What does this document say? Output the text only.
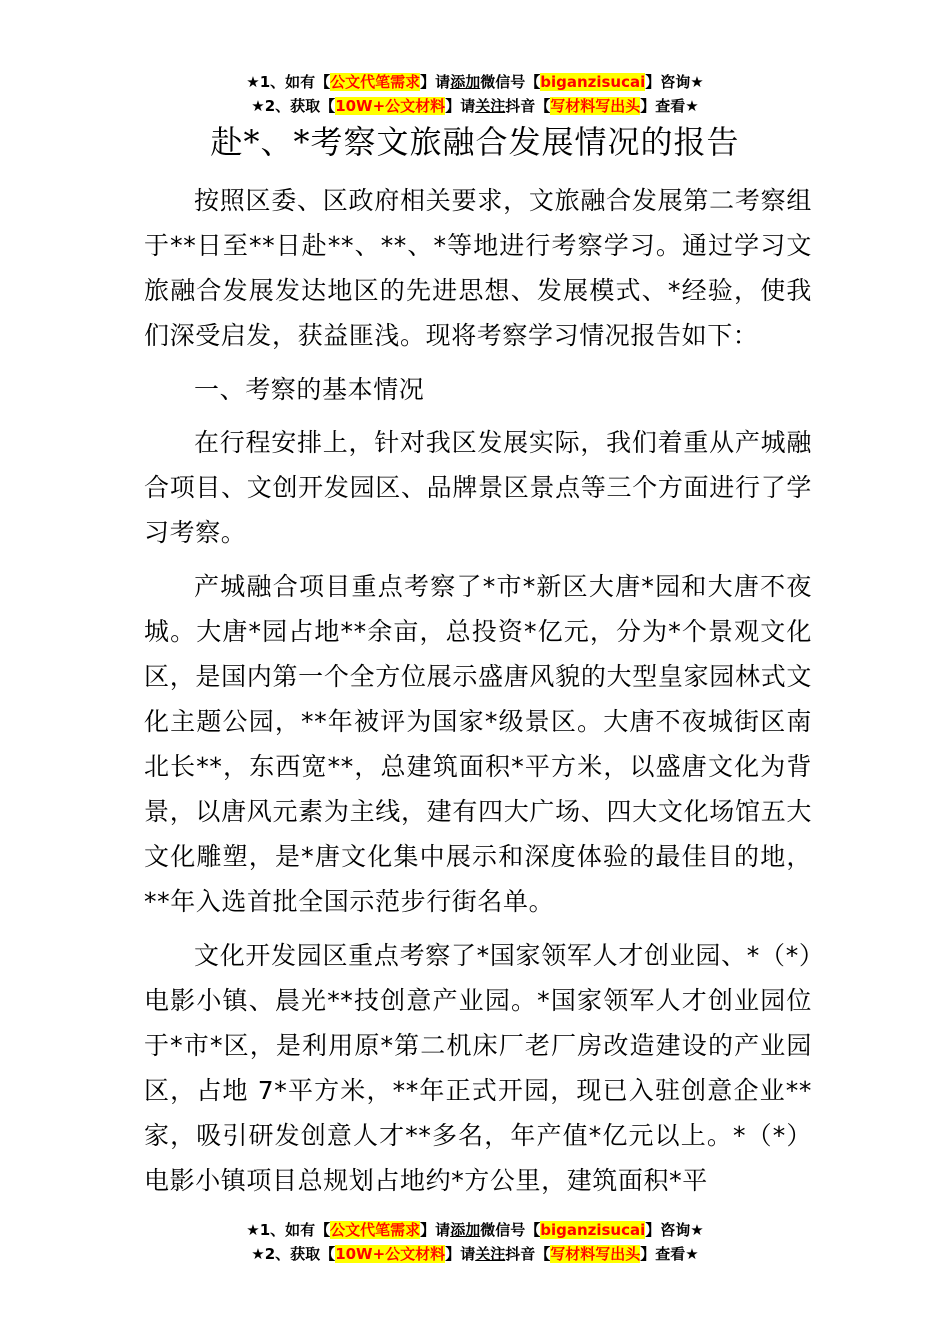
★1、如有【公文代笔需求】请添加微信号【biganzisucai】咨询★
★2、获取【10W+公文材料】请关注抖音【写材料写出头】查看★
赴*、*考察文旅融合发展情况的报告

按照区委、区政府相关要求，文旅融合发展第二考察组于**日至**日赴**、**、*等地进行考察学习。通过学习文旅融合发展发达地区的先进思想、发展模式、*经验，使我们深受启发，获益匪浅。现将考察学习情况报告如下：

一、考察的基本情况

在行程安排上，针对我区发展实际，我们着重从产城融合项目、文创开发园区、品牌景区景点等三个方面进行了学习考察。

产城融合项目重点考察了*市*新区大唐*园和大唐不夜城。大唐*园占地**余亩，总投资*亿元，分为*个景观文化区，是国内第一个全方位展示盛唐风貌的大型皇家园林式文化主题公园，**年被评为国家*级景区。大唐不夜城街区南北长**，东西宽**，总建筑面积*平方米，以盛唐文化为背景，以唐风元素为主线，建有四大广场、四大文化场馆五大文化雕塑，是*唐文化集中展示和深度体验的最佳目的地，**年入选首批全国示范步行街名单。

文化开发园区重点考察了*国家领军人才创业园、*（*）电影小镇、晨光**技创意产业园。*国家领军人才创业园位于*市*区，是利用原*第二机床厂老厂房改造建设的产业园区，占地 7*平方米，**年正式开园，现已入驻创意企业**家，吸引研发创意人才**多名，年产值*亿元以上。*（*）电影小镇项目总规划占地约*方公里，建筑面积*平

★1、如有【公文代笔需求】请添加微信号【biganzisucai】咨询★
★2、获取【10W+公文材料】请关注抖音【写材料写出头】查看★
